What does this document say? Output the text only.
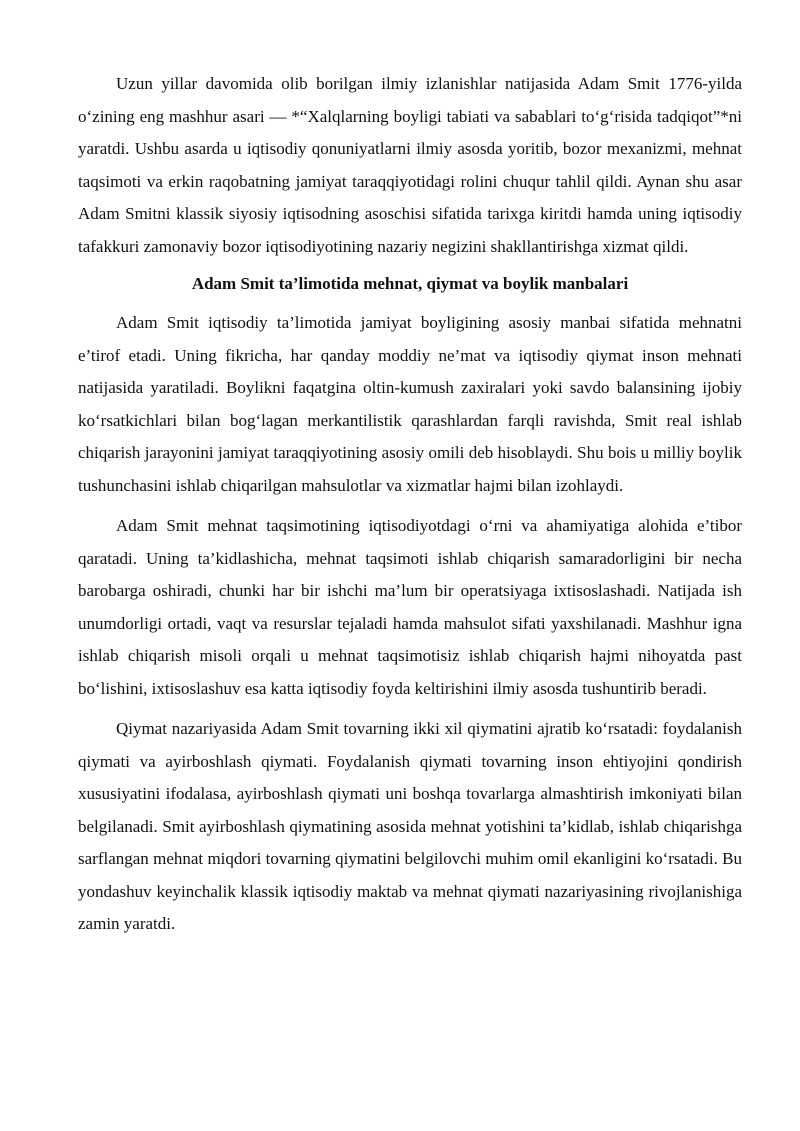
Uzun yillar davomida olib borilgan ilmiy izlanishlar natijasida Adam Smit 1776-yilda o‘zining eng mashhur asari — *“Xalqlarning boyligi tabiati va sabablari to‘g‘risida tadqiqot”*ni yaratdi. Ushbu asarda u iqtisodiy qonuniyatlarni ilmiy asosda yoritib, bozor mexanizmi, mehnat taqsimoti va erkin raqobatning jamiyat taraqqiyotidagi rolini chuqur tahlil qildi. Aynan shu asar Adam Smitni klassik siyosiy iqtisodning asoschisi sifatida tarixga kiritdi hamda uning iqtisodiy tafakkuri zamonaviy bozor iqtisodiyotining nazariy negizini shakllantirishga xizmat qildi.

Adam Smit ta’limotida mehnat, qiymat va boylik manbalari

Adam Smit iqtisodiy ta’limotida jamiyat boyligining asosiy manbai sifatida mehnatni e’tirof etadi. Uning fikricha, har qanday moddiy ne’mat va iqtisodiy qiymat inson mehnati natijasida yaratiladi. Boylikni faqatgina oltin-kumush zaxiralari yoki savdo balansining ijobiy ko‘rsatkichlari bilan bog‘lagan merkantilistik qarashlardan farqli ravishda, Smit real ishlab chiqarish jarayonini jamiyat taraqqiyotining asosiy omili deb hisoblaydi. Shu bois u milliy boylik tushunchasini ishlab chiqarilgan mahsulotlar va xizmatlar hajmi bilan izohlaydi.

Adam Smit mehnat taqsimotining iqtisodiyotdagi o‘rni va ahamiyatiga alohida e’tibor qaratadi. Uning ta’kidlashicha, mehnat taqsimoti ishlab chiqarish samaradorligini bir necha barobarga oshiradi, chunki har bir ishchi ma’lum bir operatsiyaga ixtisoslashadi. Natijada ish unumdorligi ortadi, vaqt va resurslar tejaladi hamda mahsulot sifati yaxshilanadi. Mashhur igna ishlab chiqarish misoli orqali u mehnat taqsimotisiz ishlab chiqarish hajmi nihoyatda past bo‘lishini, ixtisoslashuv esa katta iqtisodiy foyda keltirishini ilmiy asosda tushuntirib beradi.

Qiymat nazariyasida Adam Smit tovarning ikki xil qiymatini ajratib ko‘rsatadi: foydalanish qiymati va ayirboshlash qiymati. Foydalanish qiymati tovarning inson ehtiyojini qondirish xususiyatini ifodalasa, ayirboshlash qiymati uni boshqa tovarlarga almashtirish imkoniyati bilan belgilanadi. Smit ayirboshlash qiymatining asosida mehnat yotishini ta’kidlab, ishlab chiqarishga sarflangan mehnat miqdori tovarning qiymatini belgilovchi muhim omil ekanligini ko‘rsatadi. Bu yondashuv keyinchalik klassik iqtisodiy maktab va mehnat qiymati nazariyasining rivojlanishiga zamin yaratdi.
